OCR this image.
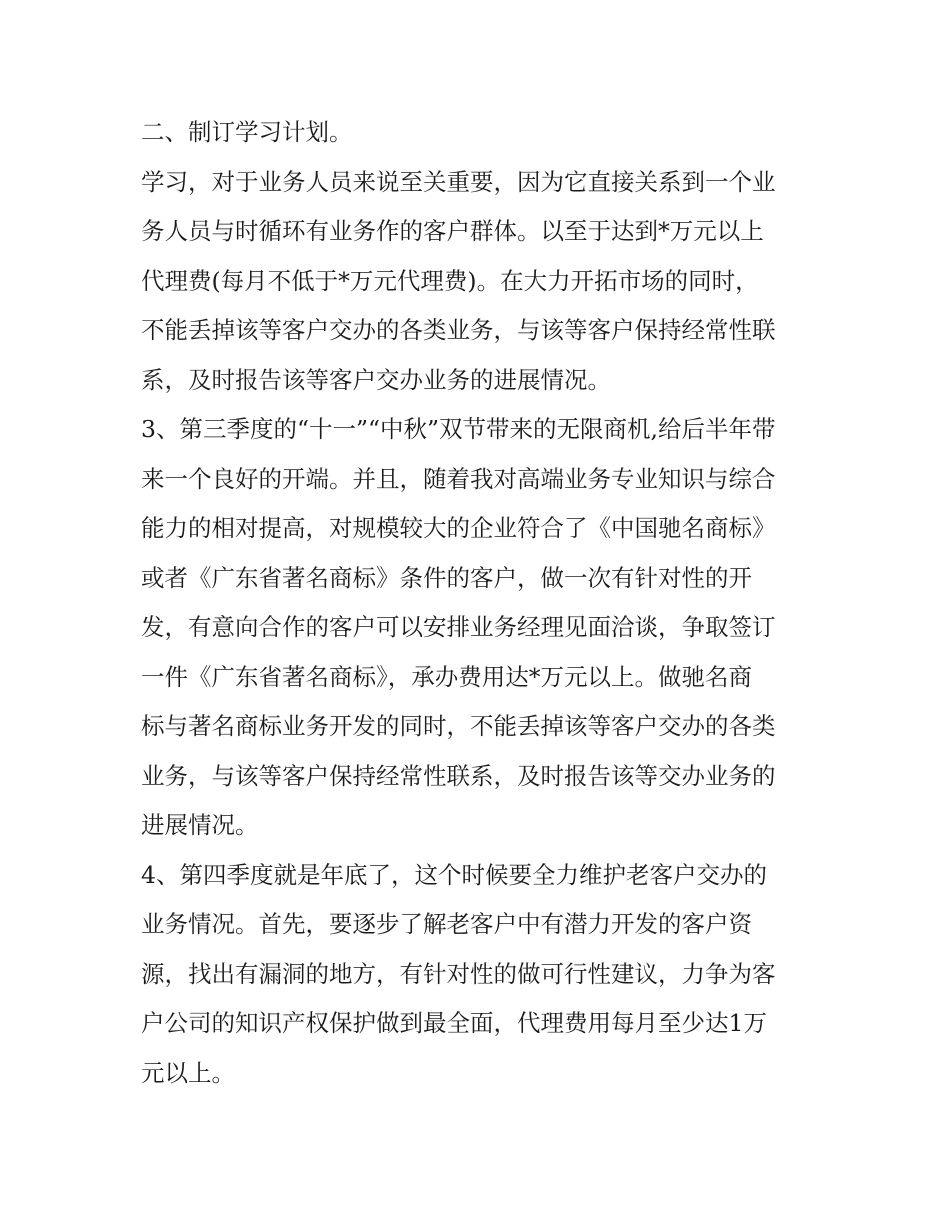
二、制订学习计划。
学习，对于业务人员来说至关重要，因为它直接关系到一个业
务人员与时循环有业务作的客户群体。以至于达到*万元以上
代理费(每月不低于*万元代理费)。在大力开拓市场的同时，
不能丢掉该等客户交办的各类业务，与该等客户保持经常性联
系，及时报告该等客户交办业务的进展情况。
3、第三季度的“十一”“中秋”双节带来的无限商机,给后半年带
来一个良好的开端。并且，随着我对高端业务专业知识与综合
能力的相对提高，对规模较大的企业符合了《中国驰名商标》
或者《广东省著名商标》条件的客户，做一次有针对性的开
发，有意向合作的客户可以安排业务经理见面洽谈，争取签订
一件《广东省著名商标》，承办费用达*万元以上。做驰名商
标与著名商标业务开发的同时，不能丢掉该等客户交办的各类
业务，与该等客户保持经常性联系，及时报告该等交办业务的
进展情况。
4、第四季度就是年底了，这个时候要全力维护老客户交办的
业务情况。首先，要逐步了解老客户中有潜力开发的客户资
源，找出有漏洞的地方，有针对性的做可行性建议，力争为客
户公司的知识产权保护做到最全面，代理费用每月至少达1万
元以上。
